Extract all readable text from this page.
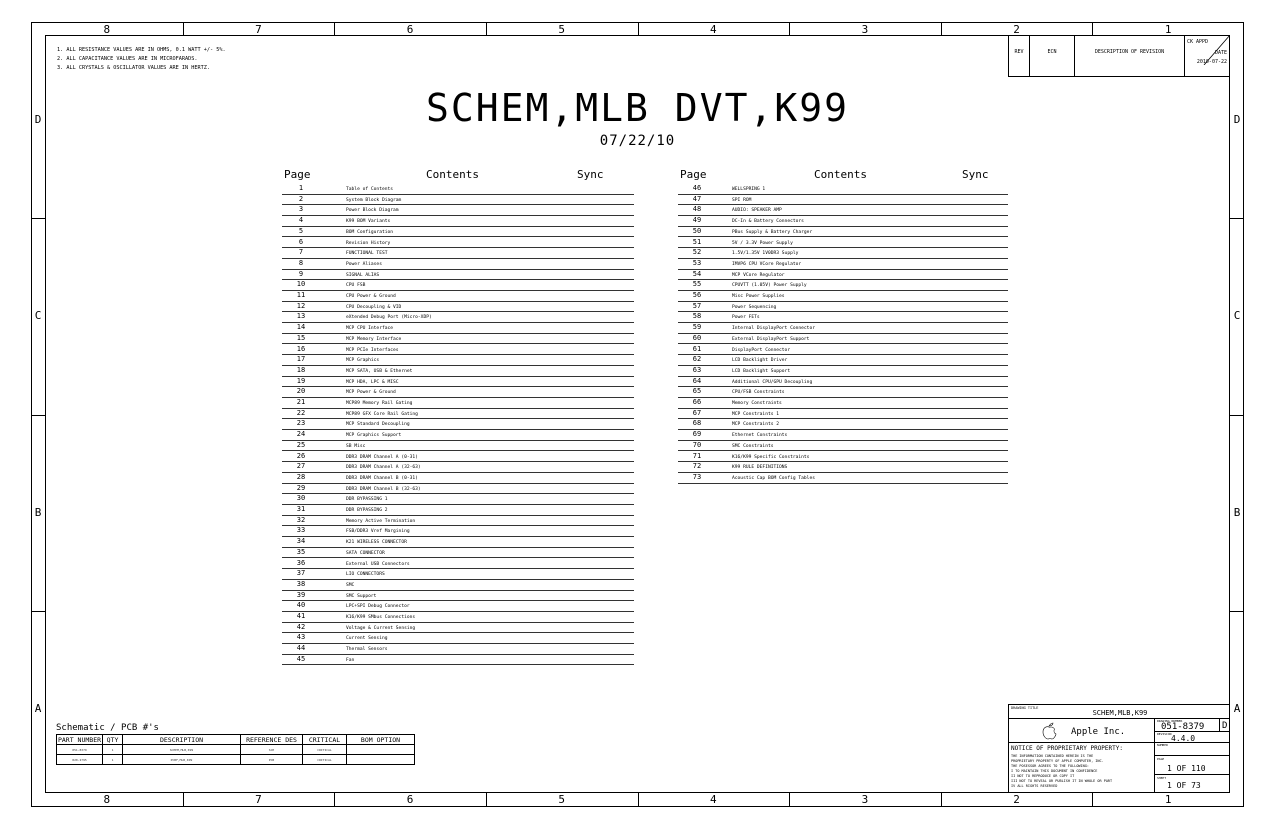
8	7	6	5	4	3	2	1
8	7	6	5	4	3	2	1
D
C
B
A
D
C
B
A
1. ALL RESISTANCE VALUES ARE IN OHMS, 0.1 WATT +/- 5%.
2. ALL CAPACITANCE VALUES ARE IN MICROFARADS.
3. ALL CRYSTALS & OSCILLATOR VALUES ARE IN HERTZ.
REV	ECN	DESCRIPTION OF REVISION
CK APPD
DATE
2010-07-22
SCHEM,MLB DVT,K99
07/22/10
Page	Contents	Sync
1	Table of Contents
2	System Block Diagram
3	Power Block Diagram
4	K99 BOM Variants
5	BOM Configuration
6	Revision History
7	FUNCTIONAL TEST
8	Power Aliases
9	SIGNAL ALIAS
10	CPU FSB
11	CPU Power & Ground
12	CPU Decoupling & VID
13	eXtended Debug Port (Micro-XDP)
14	MCP CPU Interface
15	MCP Memory Interface
16	MCP PCIe Interfaces
17	MCP Graphics
18	MCP SATA, USB & Ethernet
19	MCP HDA, LPC & MISC
20	MCP Power & Ground
21	MCP89 Memory Rail Gating
22	MCP89 GFX Core Rail Gating
23	MCP Standard Decoupling
24	MCP Graphics Support
25	SB Misc
26	DDR3 DRAM Channel A (0-31)
27	DDR3 DRAM Channel A (32-63)
28	DDR3 DRAM Channel B (0-31)
29	DDR3 DRAM Channel B (32-63)
30	DDR BYPASSING 1
31	DDR BYPASSING 2
32	Memory Active Termination
33	FSB/DDR3 Vref Margining
34	K21 WIRELESS CONNECTOR
35	SATA CONNECTOR
36	External USB Connectors
37	LIO CONNECTORS
38	SMC
39	SMC Support
40	LPC+SPI Debug Connector
41	K16/K99 SMbus Connections
42	Voltage & Current Sensing
43	Current Sensing
44	Thermal Sensors
45	Fan
Page	Contents	Sync
46	WELLSPRING 1
47	SPI ROM
48	AUDIO: SPEAKER AMP
49	DC-In & Battery Connectors
50	PBus Supply & Battery Charger
51	5V / 3.3V Power Supply
52	1.5V/1.35V 1V0DR3 Supply
53	IMVP6 CPU VCore Regulator
54	MCP VCore Regulator
55	CPUVTT (1.05V) Power Supply
56	Misc Power Supplies
57	Power Sequencing
58	Power FETs
59	Internal DisplayPort Connector
60	External DisplayPort Support
61	DisplayPort Connector
62	LCD Backlight Driver
63	LCD Backlight Support
64	Additional CPU/GPU Decoupling
65	CPU/FSB Constraints
66	Memory Constraints
67	MCP Constraints 1
68	MCP Constraints 2
69	Ethernet Constraints
70	SMC Constraints
71	K16/K99 Specific Constraints
72	K99 RULE DEFINITIONS
73	Acoustic Cap BOM Config Tables
Schematic / PCB #'s
PART NUMBER QTY	DESCRIPTION	REFERENCE DES	CRITICAL	BOM OPTION
051-8379	1	SCHEM,MLB,K99	SCH	CRITICAL
820-2795	1	PCBF,MLB,K99	PCB	CRITICAL
DRAWING TITLE
SCHEM,MLB,K99
Apple Inc.
DRAWING NUMBER
051-8379 D
REVISION 4.4.0
NOTICE OF PROPRIETARY PROPERTY:
THE INFORMATION CONTAINED HEREIN IS THE
PROPRIETARY PROPERTY OF APPLE COMPUTER, INC.
THE POSESSOR AGREES TO THE FOLLOWING:
I TO MAINTAIN THIS DOCUMENT IN CONFIDENCE
II NOT TO REPRODUCE OR COPY IT
III NOT TO REVEAL OR PUBLISH IT IN WHOLE OR PART
IV ALL RIGHTS RESERVED
NUMBER
PAGE
1 OF 110
SHEET
1 OF 73
